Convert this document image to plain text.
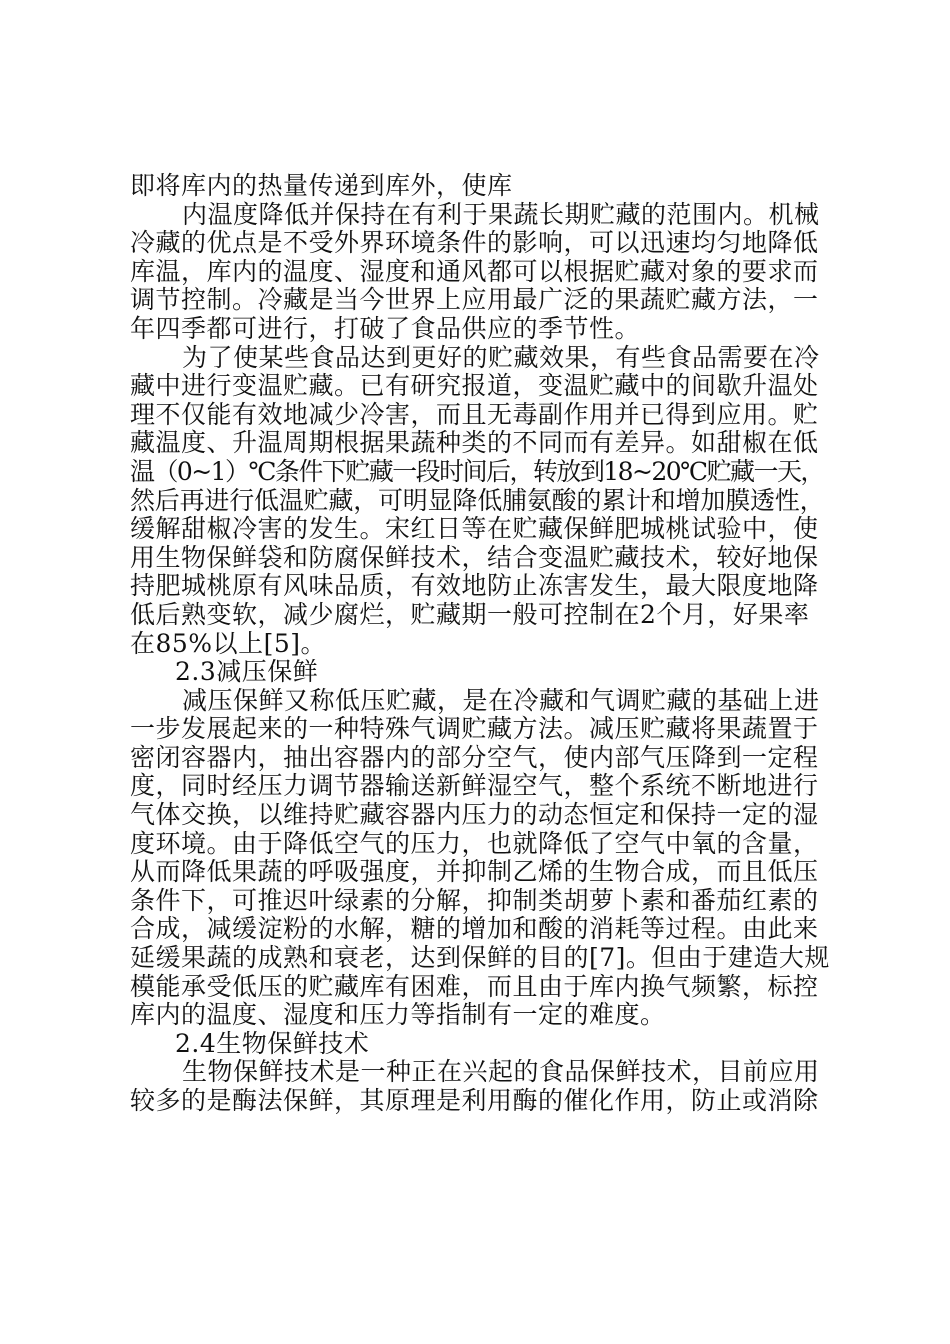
即将库内的热量传递到库外，使库
内温度降低并保持在有利于果蔬长期贮藏的范围内。机械
冷藏的优点是不受外界环境条件的影响，可以迅速均匀地降低
库温，库内的温度、湿度和通风都可以根据贮藏对象的要求而
调节控制。冷藏是当今世界上应用最广泛的果蔬贮藏方法，一
年四季都可进行，打破了食品供应的季节性。
为了使某些食品达到更好的贮藏效果，有些食品需要在冷
藏中进行变温贮藏。已有研究报道，变温贮藏中的间歇升温处
理不仅能有效地减少冷害，而且无毒副作用并已得到应用。贮
藏温度、升温周期根据果蔬种类的不同而有差异。如甜椒在低
温（0~1）℃条件下贮藏一段时间后，转放到18~20℃贮藏一天，
然后再进行低温贮藏，可明显降低脯氨酸的累计和增加膜透性，
缓解甜椒冷害的发生。宋红日等在贮藏保鲜肥城桃试验中，使
用生物保鲜袋和防腐保鲜技术，结合变温贮藏技术，较好地保
持肥城桃原有风味品质，有效地防止冻害发生，最大限度地降
低后熟变软，减少腐烂，贮藏期一般可控制在2个月，好果率
在85%以上[5]。
2.3减压保鲜
减压保鲜又称低压贮藏，是在冷藏和气调贮藏的基础上进
一步发展起来的一种特殊气调贮藏方法。减压贮藏将果蔬置于
密闭容器内，抽出容器内的部分空气，使内部气压降到一定程
度，同时经压力调节器输送新鲜湿空气，整个系统不断地进行
气体交换，以维持贮藏容器内压力的动态恒定和保持一定的湿
度环境。由于降低空气的压力，也就降低了空气中氧的含量，
从而降低果蔬的呼吸强度，并抑制乙烯的生物合成，而且低压
条件下，可推迟叶绿素的分解，抑制类胡萝卜素和番茄红素的
合成，减缓淀粉的水解，糖的增加和酸的消耗等过程。由此来
延缓果蔬的成熟和衰老，达到保鲜的目的[7]。但由于建造大规
模能承受低压的贮藏库有困难，而且由于库内换气频繁，标控
库内的温度、湿度和压力等指制有一定的难度。
2.4生物保鲜技术
生物保鲜技术是一种正在兴起的食品保鲜技术，目前应用
较多的是酶法保鲜，其原理是利用酶的催化作用，防止或消除
